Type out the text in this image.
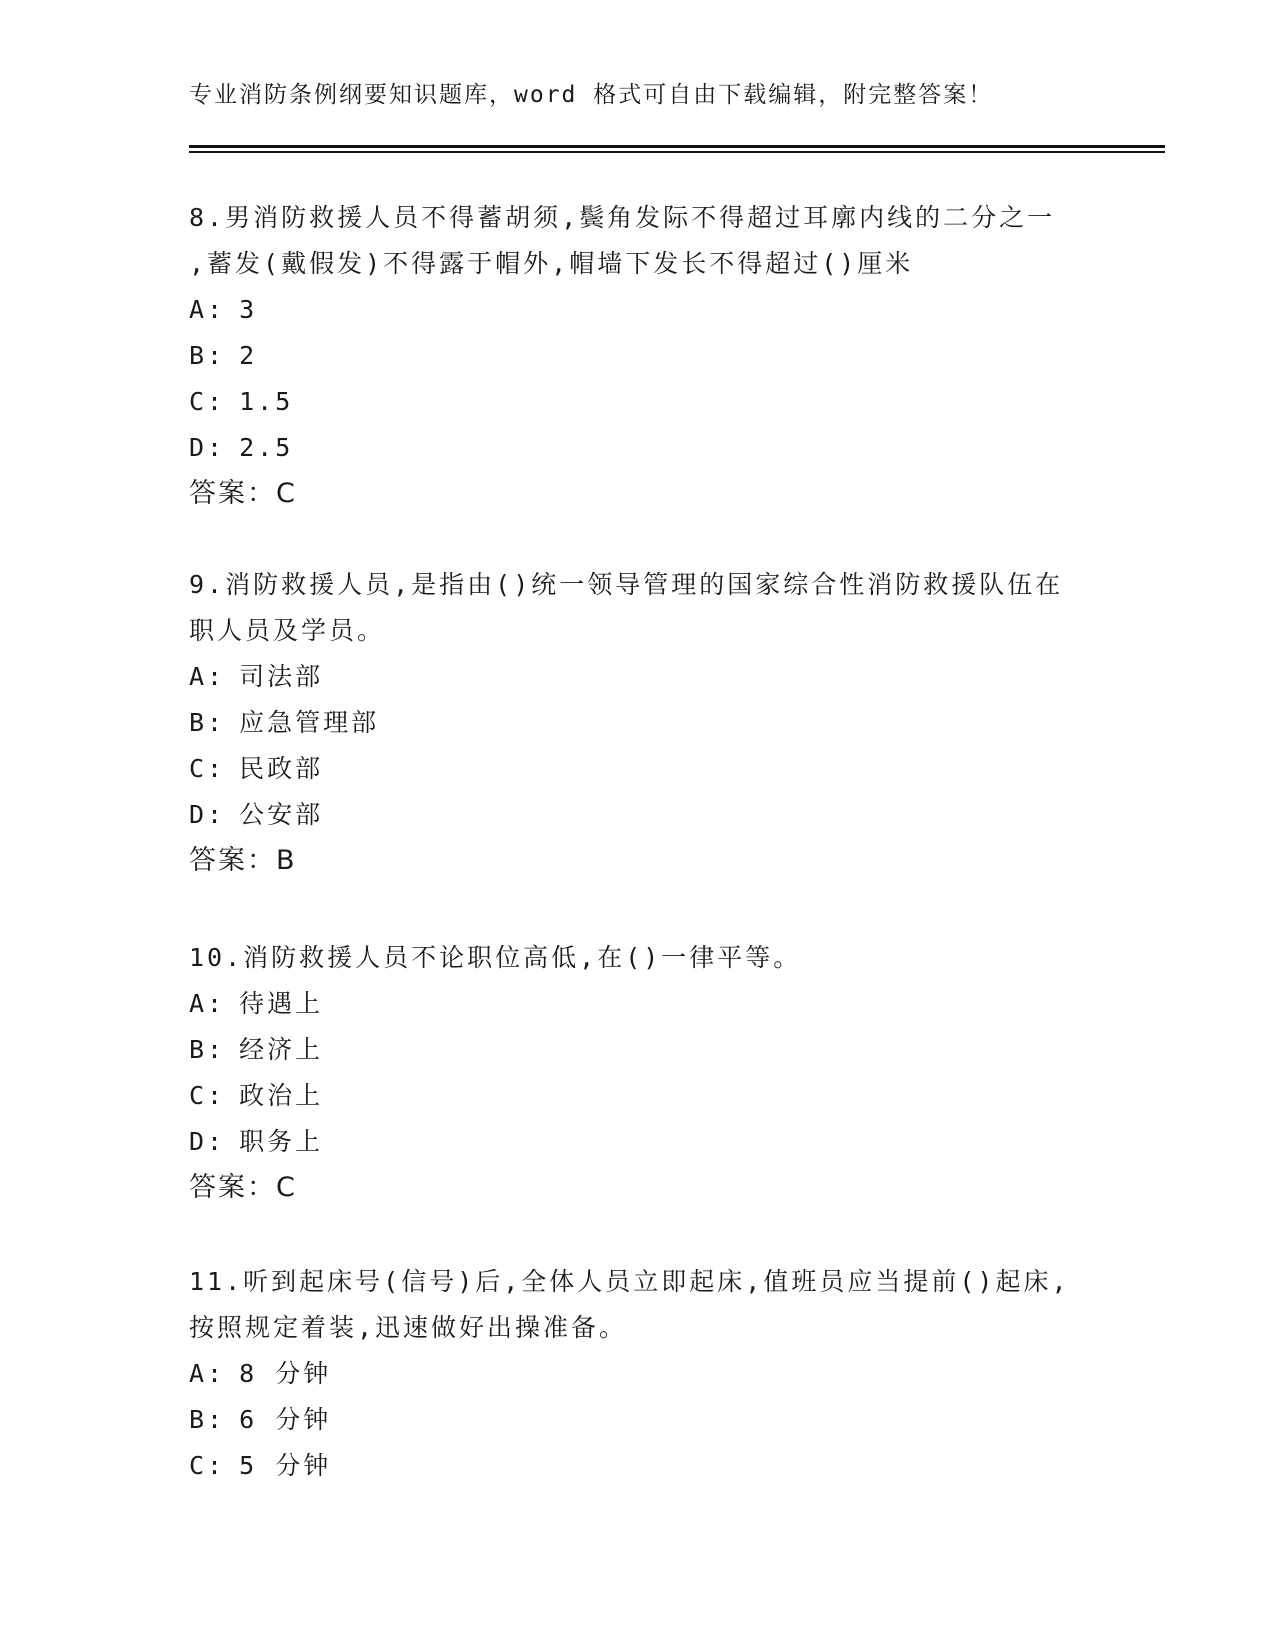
专业消防条例纲要知识题库，word 格式可自由下载编辑，附完整答案！
8.男消防救援人员不得蓄胡须,鬓角发际不得超过耳廓内线的二分之一
,蓄发(戴假发)不得露于帽外,帽墙下发长不得超过()厘米
A: 3
B: 2
C: 1.5
D: 2.5
答案：C
9.消防救援人员,是指由()统一领导管理的国家综合性消防救援队伍在
职人员及学员。
A: 司法部
B: 应急管理部
C: 民政部
D: 公安部
答案：B
10.消防救援人员不论职位高低,在()一律平等。
A: 待遇上
B: 经济上
C: 政治上
D: 职务上
答案：C
11.听到起床号(信号)后,全体人员立即起床,值班员应当提前()起床,
按照规定着装,迅速做好出操准备。
A: 8 分钟
B: 6 分钟
C: 5 分钟
